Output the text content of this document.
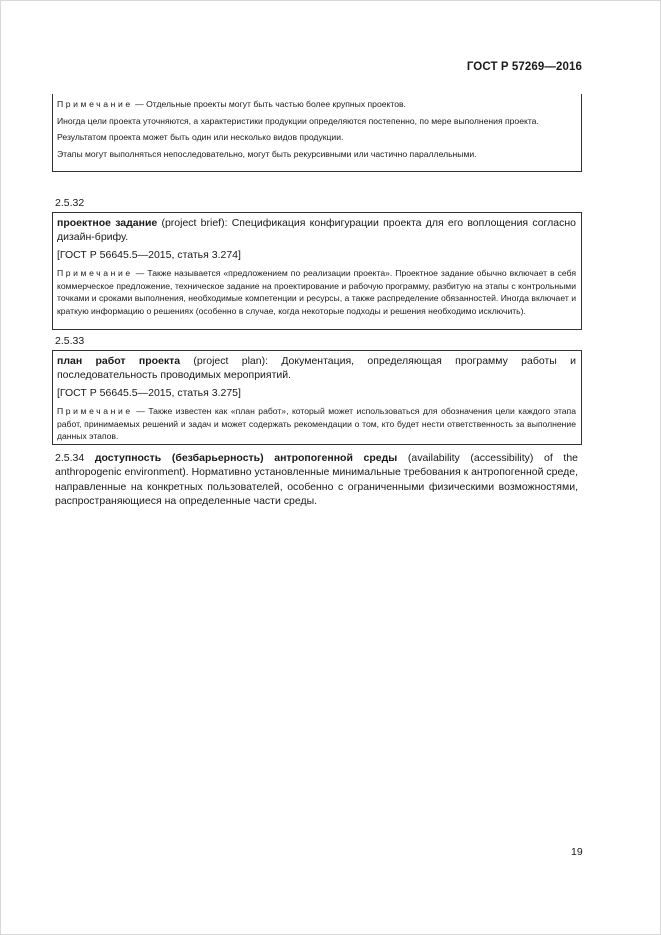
ГОСТ Р 57269—2016

Примечание — Отдельные проекты могут быть частью более крупных проектов.

Иногда цели проекта уточняются, а характеристики продукции определяются постепенно, по мере выполнения проекта.

Результатом проекта может быть один или несколько видов продукции.

Этапы могут выполняться непоследовательно, могут быть рекурсивными или частично параллельными.

2.5.32

проектное задание (project brief): Спецификация конфигурации проекта для его воплощения согласно дизайн-брифу.

[ГОСТ Р 56645.5—2015, статья 3.274]

Примечание — Также называется «предложением по реализации проекта». Проектное задание обычно включает в себя коммерческое предложение, техническое задание на проектирование и рабочую программу, разбитую на этапы с контрольными точками и сроками выполнения, необходимые компетенции и ресурсы, а также распределение обязанностей. Иногда включает и краткую информацию о решениях (особенно в случае, когда некоторые подходы и решения необходимо исключить).

2.5.33

план работ проекта (project plan): Документация, определяющая программу работы и последовательность проводимых мероприятий.

[ГОСТ Р 56645.5—2015, статья 3.275]

Примечание — Также известен как «план работ», который может использоваться для обозначения цели каждого этапа работ, принимаемых решений и задач и может содержать рекомендации о том, кто будет нести ответственность за выполнение данных этапов.

2.5.34 доступность (безбарьерность) антропогенной среды (availability (accessibility) of the anthropogenic environment). Нормативно установленные минимальные требования к антропогенной среде, направленные на конкретных пользователей, особенно с ограниченными физическими возможностями, распространяющиеся на определенные части среды.

19
